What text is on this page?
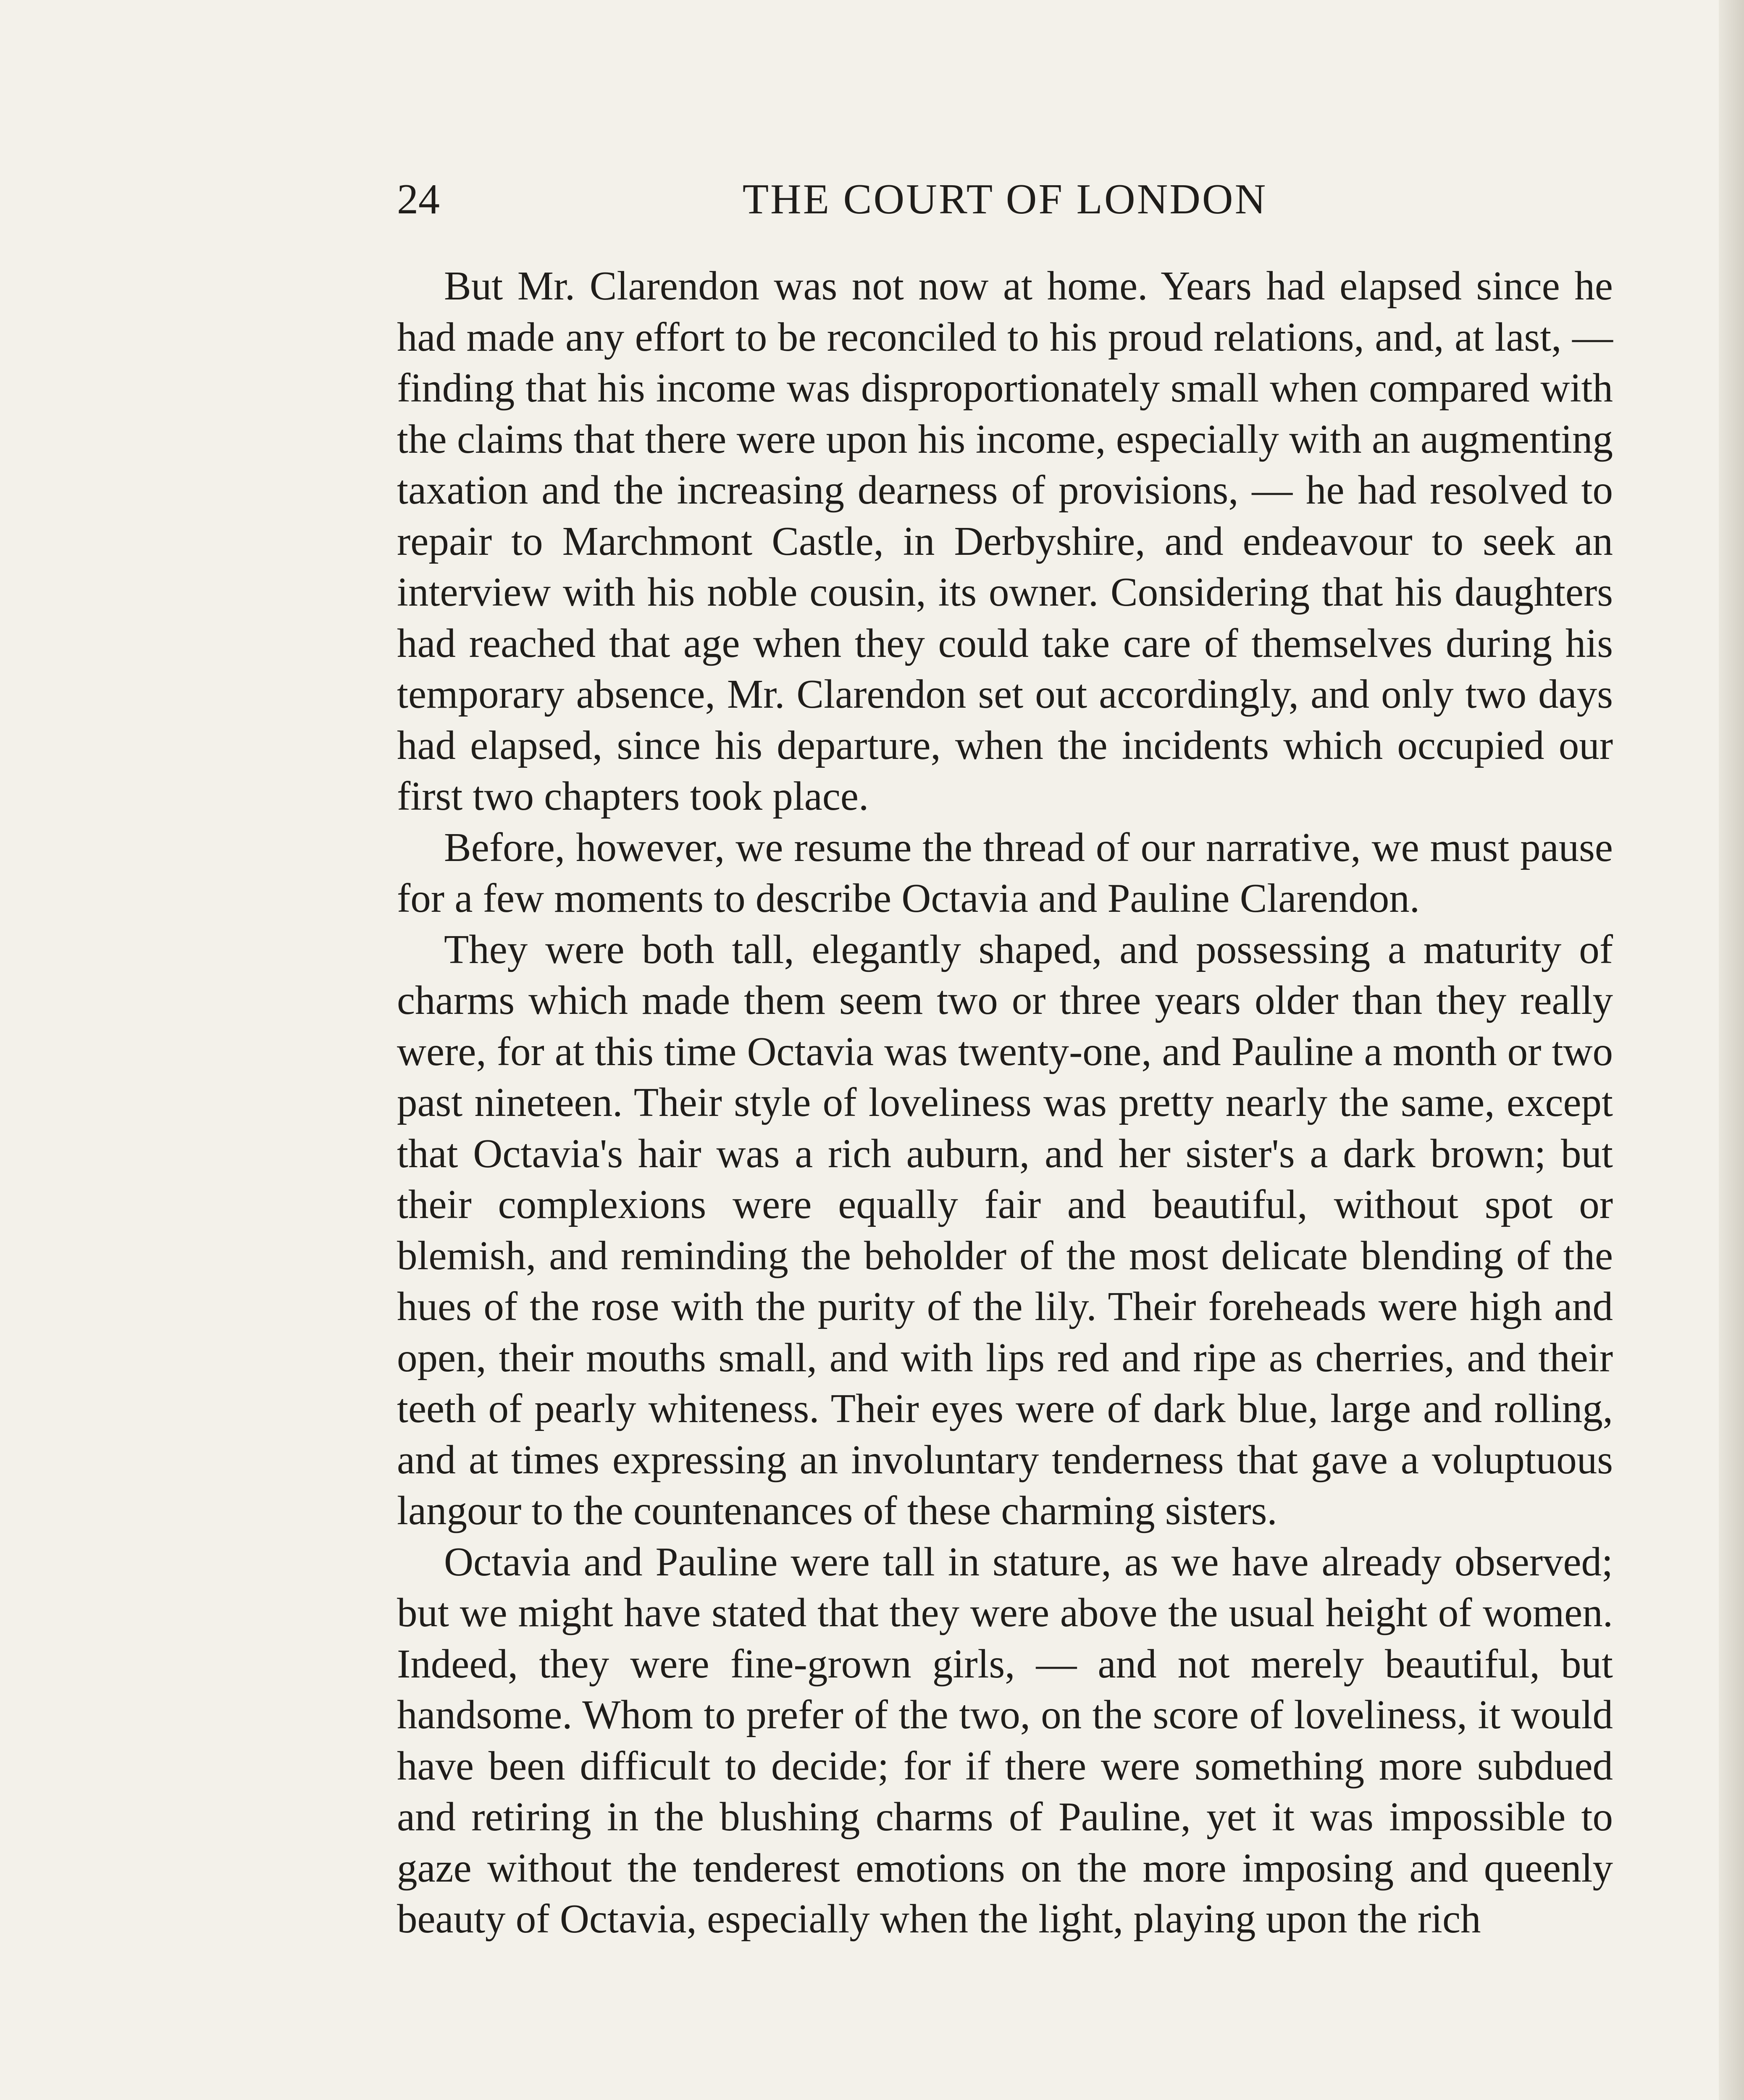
24	THE COURT OF LONDON

But Mr. Clarendon was not now at home. Years had elapsed since he had made any effort to be reconciled to his proud relations, and, at last, — finding that his income was disproportionately small when compared with the claims that there were upon his income, especially with an augmenting taxation and the increasing dearness of provisions, — he had resolved to repair to Marchmont Castle, in Derbyshire, and endeavour to seek an interview with his noble cousin, its owner. Considering that his daughters had reached that age when they could take care of themselves during his temporary absence, Mr. Clarendon set out accordingly, and only two days had elapsed, since his departure, when the incidents which occupied our first two chapters took place.

Before, however, we resume the thread of our narrative, we must pause for a few moments to describe Octavia and Pauline Clarendon.

They were both tall, elegantly shaped, and possessing a maturity of charms which made them seem two or three years older than they really were, for at this time Octavia was twenty-one, and Pauline a month or two past nineteen. Their style of loveliness was pretty nearly the same, except that Octavia's hair was a rich auburn, and her sister's a dark brown; but their complexions were equally fair and beautiful, without spot or blemish, and reminding the beholder of the most delicate blending of the hues of the rose with the purity of the lily. Their foreheads were high and open, their mouths small, and with lips red and ripe as cherries, and their teeth of pearly whiteness. Their eyes were of dark blue, large and rolling, and at times expressing an involuntary tenderness that gave a voluptuous langour to the countenances of these charming sisters.

Octavia and Pauline were tall in stature, as we have already observed; but we might have stated that they were above the usual height of women. Indeed, they were fine-grown girls, — and not merely beautiful, but handsome. Whom to prefer of the two, on the score of loveliness, it would have been difficult to decide; for if there were something more subdued and retiring in the blushing charms of Pauline, yet it was impossible to gaze without the tenderest emotions on the more imposing and queenly beauty of Octavia, especially when the light, playing upon the rich
